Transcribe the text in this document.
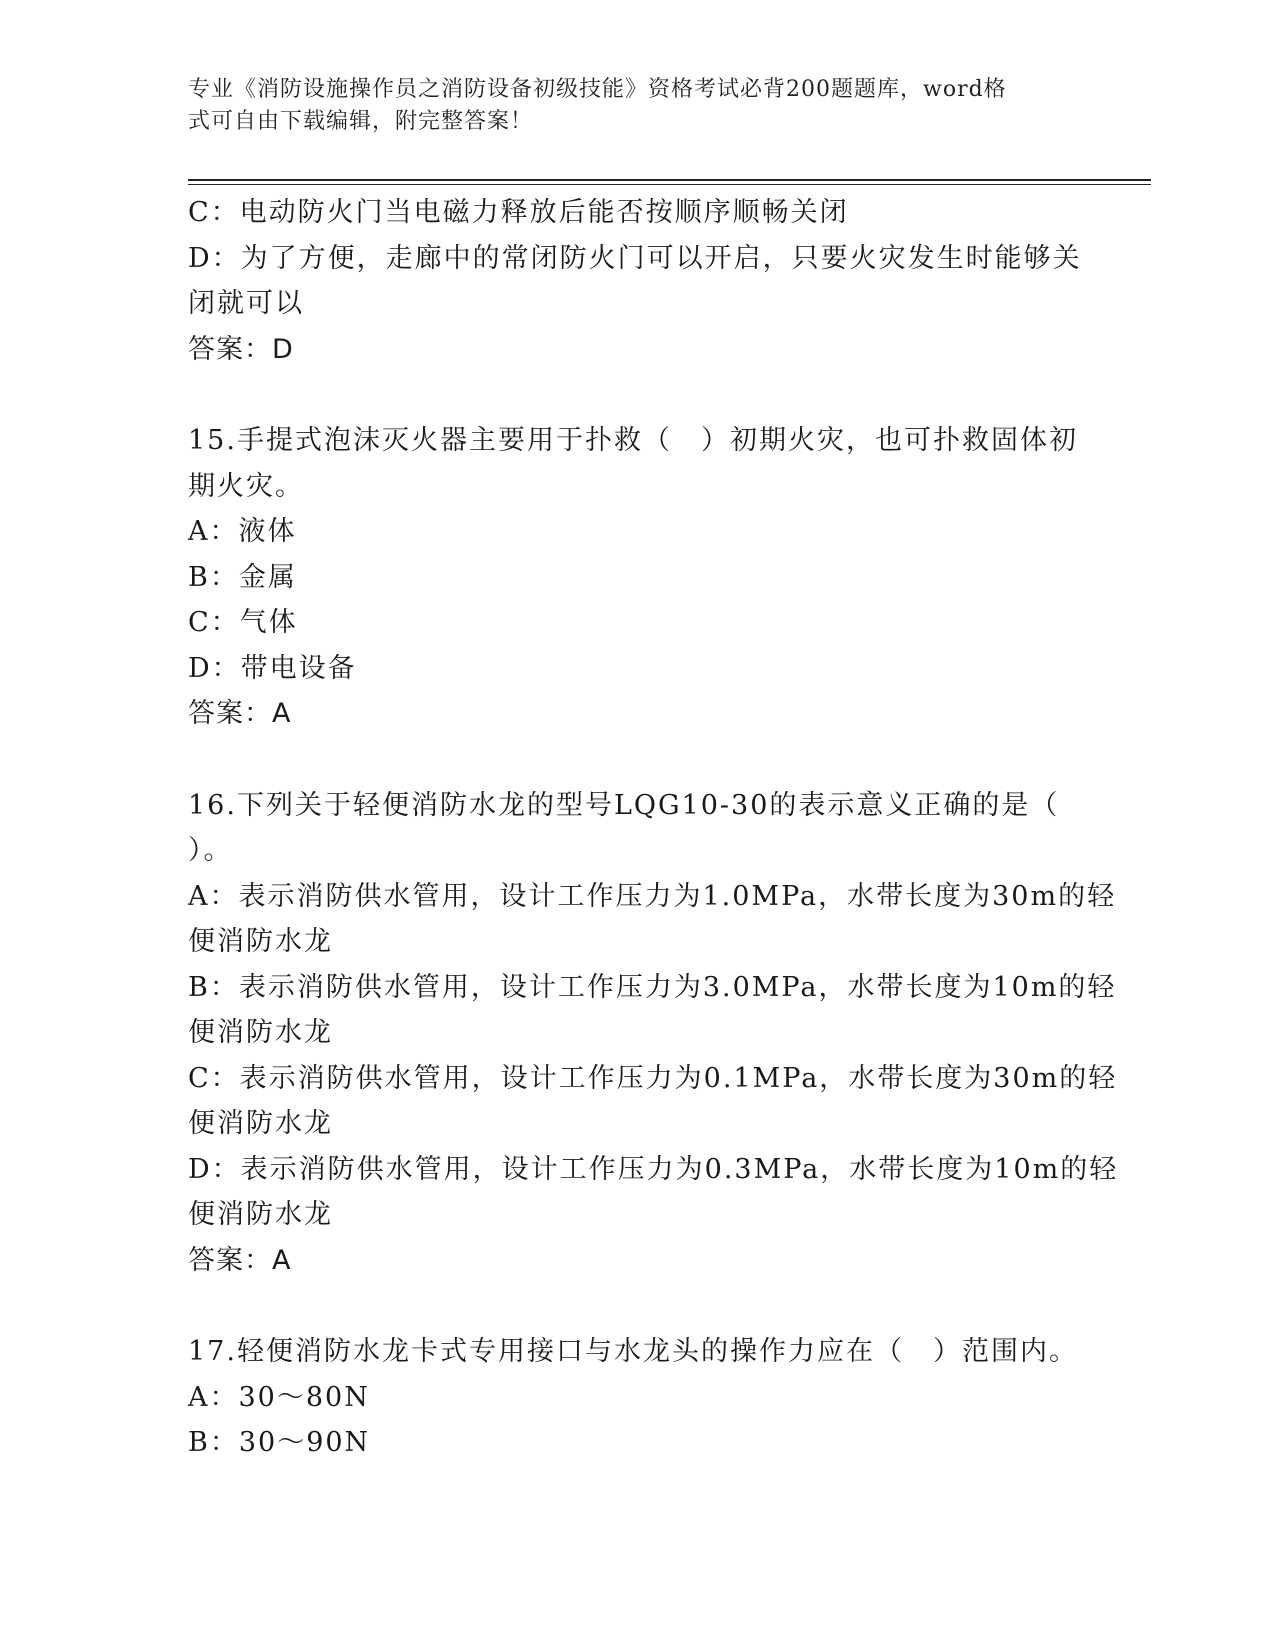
专业《消防设施操作员之消防设备初级技能》资格考试必背200题题库，word格
式可自由下载编辑，附完整答案！
C：电动防火门当电磁力释放后能否按顺序顺畅关闭
D：为了方便，走廊中的常闭防火门可以开启，只要火灾发生时能够关
闭就可以
答案：D
15.手提式泡沫灭火器主要用于扑救（　）初期火灾，也可扑救固体初
期火灾。
A：液体
B：金属
C：气体
D：带电设备
答案：A
16.下列关于轻便消防水龙的型号LQG10-30的表示意义正确的是（
）。
A：表示消防供水管用，设计工作压力为1.0MPa，水带长度为30m的轻
便消防水龙
B：表示消防供水管用，设计工作压力为3.0MPa，水带长度为10m的轻
便消防水龙
C：表示消防供水管用，设计工作压力为0.1MPa，水带长度为30m的轻
便消防水龙
D：表示消防供水管用，设计工作压力为0.3MPa，水带长度为10m的轻
便消防水龙
答案：A
17.轻便消防水龙卡式专用接口与水龙头的操作力应在（　）范围内。
A：30～80N
B：30～90N
